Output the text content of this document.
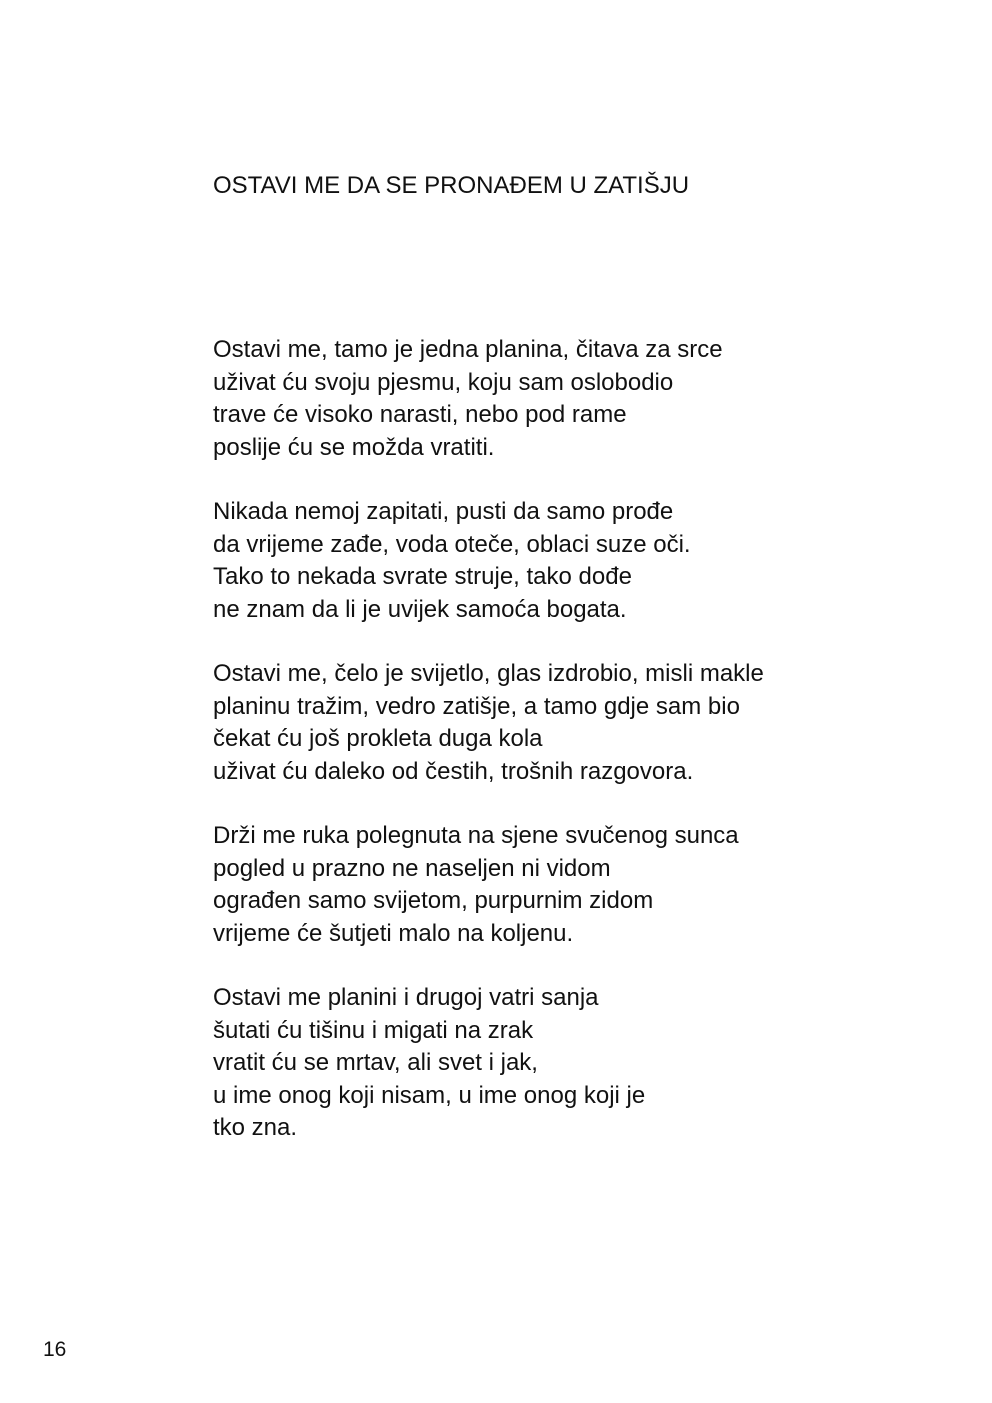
OSTAVI ME DA SE PRONAĐEM U ZATIŠJU
Ostavi me, tamo je jedna planina, čitava za srce
uživat ću svoju pjesmu, koju sam oslobodio
trave će visoko narasti, nebo pod rame
poslije ću se možda vratiti.
Nikada nemoj zapitati, pusti da samo prođe
da vrijeme zađe, voda oteče, oblaci suze oči.
Tako to nekada svrate struje, tako dođe
ne znam da li je uvijek samoća bogata.
Ostavi me, čelo je svijetlo, glas izdrobio, misli makle
planinu tražim, vedro zatišje, a tamo gdje sam bio
čekat ću još prokleta duga kola
uživat ću daleko od čestih, trošnih razgovora.
Drži me ruka polegnuta na sjene svučenog sunca
pogled u prazno ne naseljen ni vidom
ograđen samo svijetom, purpurnim zidom
vrijeme će šutjeti malo na koljenu.
Ostavi me planini i drugoj vatri sanja
šutati ću tišinu i migati na zrak
vratit ću se mrtav, ali svet i jak,
u ime onog koji nisam, u ime onog koji je
tko zna.
16
